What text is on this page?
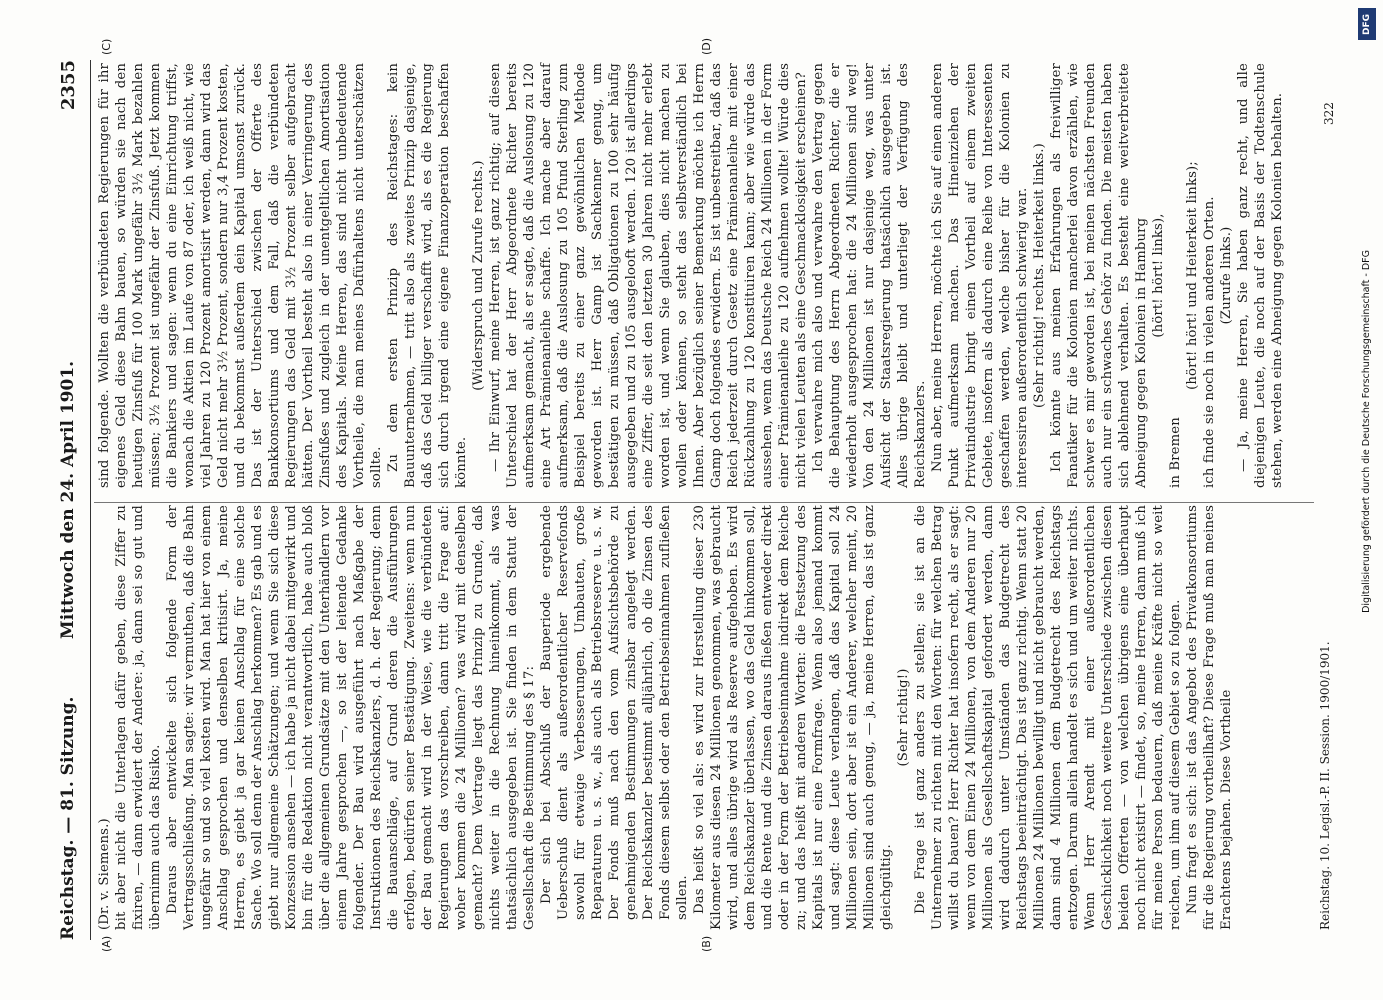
Reichstag. — 81. Sitzung.
Mittwoch den 24. April 1901.
2355
(A)	(B)
(C)	(D)

(Dr. v. Siemens.) bit aber nicht die Unterlagen dafür geben, diese Ziffer zu fixiren, — dann erwidert der Andere: ja, dann sei so gut und übernimm auch das Risiko. Daraus aber entwickelte sich folgende Form der Vertragsschließung. Man sagte: wir vermuthen, daß die Bahn ungefähr so und so viel kosten wird. Man hat hier von einem Anschlag gesprochen und denselben kritisirt. Ja, meine Herren, es giebt ja gar keinen Anschlag für eine solche Sache. Wo soll denn der Anschlag herkommen? Es gab und es giebt nur allgemeine Schätzungen; und wenn Sie sich diese Konzession ansehen — ich habe ja nicht dabei mitgewirkt und bin für die Redaktion nicht verantwortlich, habe auch bloß über die allgemeinen Grundsätze mit den Unterhändlern vor einem Jahre gesprochen —, so ist der leitende Gedanke folgender. Der Bau wird ausgeführt nach Maßgabe der Instruktionen des Reichskanzlers, d. h. der Regierung; denn die Bauanschläge, auf Grund deren die Ausführungen erfolgen, bedürfen seiner Bestätigung. Zweitens: wenn nun der Bau gemacht wird in der Weise, wie die verbündeten Regierungen das vorschreiben, dann tritt die Frage auf: woher kommen die 24 Millionen? was wird mit denselben gemacht? Dem Vertrage liegt das Prinzip zu Grunde, daß nichts weiter in die Rechnung hineinkommt, als was thatsächlich ausgegeben ist. Sie finden in dem Statut der Gesellschaft die Bestimmung des § 17: Der sich bei Abschluß der Bauperiode ergebende Ueberschuß dient als außerordentlicher Reservefonds sowohl für etwaige Verbesserungen, Umbauten, große Reparaturen u. s. w., als auch als Betriebsreserve u. s. w. Der Fonds muß nach den vom Aufsichtsbehörde zu genehmigenden Bestimmungen zinsbar angelegt werden. Der Reichskanzler bestimmt alljährlich, ob die Zinsen des Fonds diesem selbst oder den Betriebseinnahmen zufließen sollen. Das heißt so viel als: es wird zur Herstellung dieser 230 Kilometer aus diesen 24 Millionen genommen, was gebraucht wird, und alles übrige wird als Reserve aufgehoben. Es wird dem Reichskanzler überlassen, wo das Geld hinkommen soll, und die Rente und die Zinsen daraus fließen entweder direkt oder in der Form der Betriebseinnahme indirekt dem Reiche zu; und das heißt mit anderen Worten: die Festsetzung des Kapitals ist nur eine Formfrage. Wenn also jemand kommt und sagt: diese Leute verlangen, daß das Kapital soll 24 Millionen sein, dort aber ist ein Anderer, welcher meint, 20 Millionen sind auch genug, — ja, meine Herren, das ist ganz gleichgültig.

(Sehr richtig!) Die Frage ist ganz anders zu stellen; sie ist an die Unternehmer zu richten mit den Worten: für welchen Betrag willst du bauen? Herr Richter hat insofern recht, als er sagt: wenn von dem Einen 24 Millionen, von dem Anderen nur 20 Millionen als Gesellschaftskapital gefordert werden, dann wird dadurch unter Umständen das Budgetrecht des Reichstags beeinträchtigt. Das ist ganz richtig. Wenn statt 20 Millionen 24 Millionen bewilligt und nicht gebraucht werden, dann sind 4 Millionen dem Budgetrecht des Reichstags entzogen. Darum allein handelt es sich und um weiter nichts. Wenn Herr Arendt mit einer außerordentlichen Geschicklichkeit noch weitere Unterschiede zwischen diesen beiden Offerten — von welchen übrigens eine überhaupt noch nicht existirt — findet, so, meine Herren, dann muß ich für meine Person bedauern, daß meine Kräfte nicht so weit reichen, um ihm auf diesem Gebiet so zu folgen. Nun fragt es sich: ist das Angebot des Privatkonsortiums für die Regierung vortheilhaft? Diese Frage muß man meines Erachtens bejahen. Diese Vortheile

sind folgende. Wollten die verbündeten Regierungen für ihr eigenes Geld diese Bahn bauen, so würden sie nach den heutigen Zinsfuß für 100 Mark ungefähr 3½ Mark bezahlen müssen; 3½ Prozent ist ungefähr der Zinsfuß. Jetzt kommen die Bankiers und sagen: wenn du eine Einrichtung triffst, wonach die Aktien im Laufe von 87 oder, ich weiß nicht, wie viel Jahren zu 120 Prozent amortisirt werden, dann wird das Geld nicht mehr 3½ Prozent, sondern nur 3,4 Prozent kosten, und du bekommst außerdem dein Kapital umsonst zurück. Das ist der Unterschied zwischen der Offerte des Bankkonsortiums und dem Fall, daß die verbündeten Regierungen das Geld mit 3½ Prozent selber aufgebracht hätten. Der Vortheil besteht also in einer Verringerung des Zinsfußes und zugleich in der unentgeltlichen Amortisation des Kapitals. Meine Herren, das sind nicht unbedeutende Vortheile, die man meines Dafürhaltens nicht unterschätzen sollte. Zu dem ersten Prinzip des Reichstages: kein Bauunternehmen, — tritt also als zweites Prinzip dasjenige, daß das Geld billiger verschafft wird, als es die Regierung sich durch irgend eine eigene Finanzoperation beschaffen könnte.

(Widerspruch und Zurufe rechts.) — Ihr Einwurf, meine Herren, ist ganz richtig; auf diesen Unterschied hat der Herr Abgeordnete Richter bereits aufmerksam gemacht, als er sagte, daß die Auslosung zu 120 eine Art Prämienanleihe schaffe. Ich mache aber darauf aufmerksam, daß die Auslosung zu 105 Pfund Sterling zum Beispiel bereits zu einer ganz gewöhnlichen Methode geworden ist. Herr Gamp ist Sachkenner genug, um bestätigen zu müssen, daß Obligationen zu 100 sehr häufig ausgegeben und zu 105 ausgelooft werden. 120 ist allerdings eine Ziffer, die seit den letzten 30 Jahren nicht mehr erlebt worden ist, und wenn Sie glauben, dies nicht machen zu wollen oder können, so steht das selbstverständlich bei Ihnen. Aber bezüglich seiner Bemerkung möchte ich Herrn Gamp doch folgendes erwidern. Es ist unbestreitbar, daß das Reich jederzeit durch Gesetz eine Prämienanleihe mit einer Rückzahlung zu 120 konstituiren kann; aber wie würde das aussehen, wenn das Deutsche Reich 24 Millionen in der Form einer Prämienanleihe zu 120 aufnehmen wollte! Würde dies nicht vielen Leuten als eine Geschmacklosigkeit erscheinen? Ich verwahre mich also und verwahre den Vertrag gegen die Behauptung des Herrn Abgeordneten Richter, die er wiederholt ausgesprochen hat: die 24 Millionen sind weg! Von den 24 Millionen ist nur dasjenige weg, was unter Aufsicht der Staatsregierung thatsächlich ausgegeben ist. Alles übrige bleibt und unterliegt der Verfügung des Reichskanzlers. Nun aber, meine Herren, möchte ich Sie auf einen anderen Punkt aufmerksam machen. Das Hineinziehen der Privatindustrie bringt einen Vortheil auf einem zweiten Gebiete, insofern als dadurch eine Reihe von Interessenten geschaffen werden, welche bisher für die Kolonien zu interessiren außerordentlich schwierig war. (Sehr richtig! rechts. Heiterkeit links.) Ich könnte aus meinen Erfahrungen als freiwilliger Fanatiker für die Kolonien mancherlei davon erzählen, wie schwer es mir geworden ist, bei meinen nächsten Freunden auch nur ein schwaches Gehör zu finden. Die meisten haben sich ablehnend verhalten. Es besteht eine weitverbreitete Abneigung gegen Kolonien in Hamburg (hört! hört! links),

in Bremen

(hört! hört! und Heiterkeit links); ich finde sie noch in vielen anderen Orten. (Zurufe links.) — Ja, meine Herren, Sie haben ganz recht, und alle diejenigen Leute, die noch auf der Basis der Todtenschule stehen, werden eine Abneigung gegen Kolonien behalten.

Reichstag. 10. Legisl.-P. II. Session. 1900/1901.
322
DFG
Digitalisierung gefördert durch die Deutsche Forschungsgemeinschaft - DFG
